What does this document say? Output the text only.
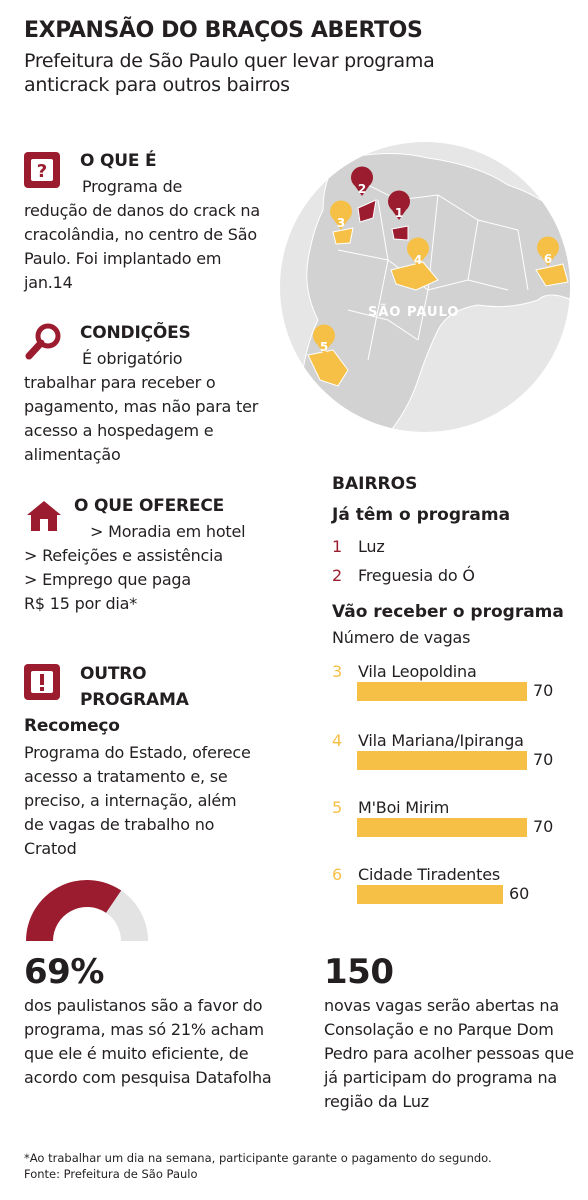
EXPANSÃO DO BRAÇOS ABERTOS
Prefeitura de São Paulo quer levar programa anticrack para outros bairros
? O QUE É
Programa de
redução de danos do crack na cracolândia, no centro de São Paulo. Foi implantado em jan.14
CONDIÇÕES
É obrigatório
trabalhar para receber o pagamento, mas não para ter acesso a hospedagem e alimentação
O QUE OFERECE
> Moradia em hotel
> Refeições e assistência
> Emprego que paga
R$ 15 por dia*
OUTRO
PROGRAMA
Recomeço
Programa do Estado, oferece acesso a tratamento e, se preciso, a internação, além de vagas de trabalho no Cratod
1
2
3
4
5
6
SÃO PAULO
BAIRROS
Já têm o programa
1 Luz
2 Freguesia do Ó
Vão receber o programa
Número de vagas
3 Vila Leopoldina
70
4 Vila Mariana/Ipiranga
70
5 M'Boi Mirim
70
6 Cidade Tiradentes
60
69%
dos paulistanos são a favor do programa, mas só 21% acham que ele é muito eficiente, de acordo com pesquisa Datafolha
150
novas vagas serão abertas na Consolação e no Parque Dom Pedro para acolher pessoas que já participam do programa na região da Luz
*Ao trabalhar um dia na semana, participante garante o pagamento do segundo.
Fonte: Prefeitura de São Paulo
